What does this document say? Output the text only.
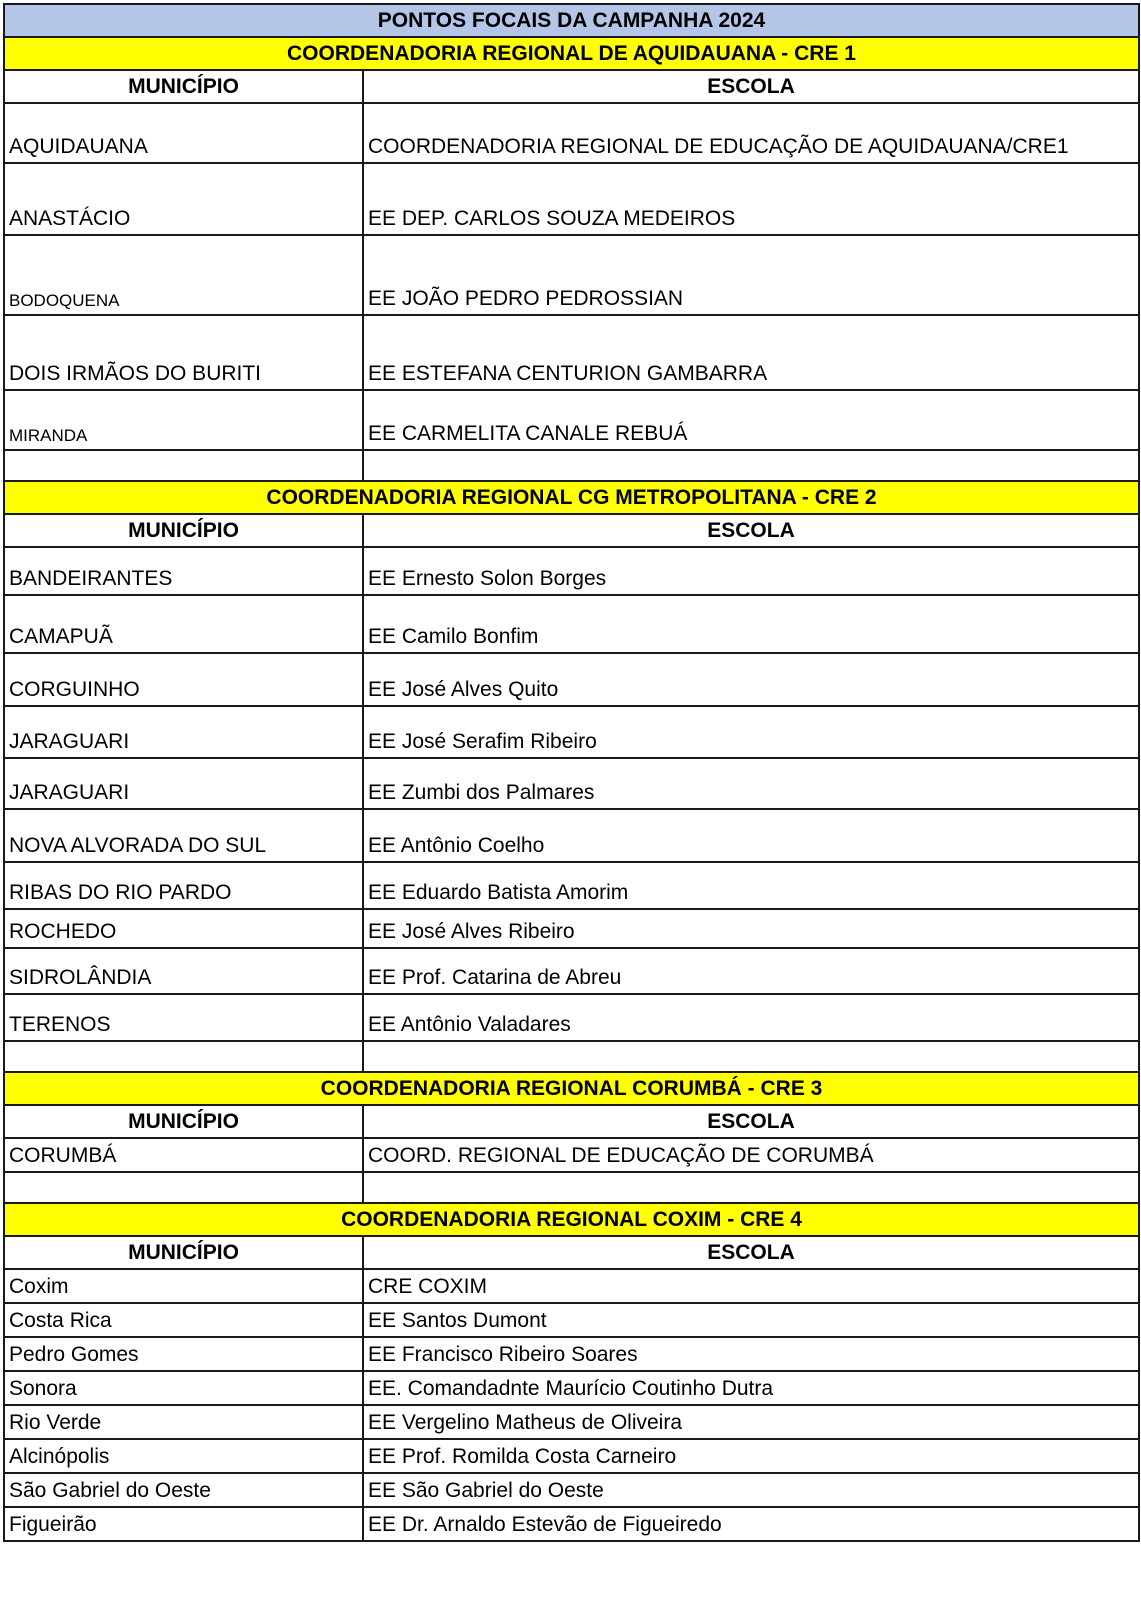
PONTOS FOCAIS DA CAMPANHA 2024	
COORDENADORIA REGIONAL DE AQUIDAUANA - CRE 1	
MUNICÍPIO	ESCOLA
AQUIDAUANA	COORDENADORIA REGIONAL DE EDUCAÇÃO DE AQUIDAUANA/CRE1
ANASTÁCIO	EE DEP. CARLOS SOUZA MEDEIROS
BODOQUENA	EE JOÃO PEDRO PEDROSSIAN
DOIS IRMÃOS DO BURITI	EE ESTEFANA CENTURION GAMBARRA
MIRANDA	EE CARMELITA CANALE REBUÁ

COORDENADORIA REGIONAL CG METROPOLITANA - CRE 2	
MUNICÍPIO	ESCOLA
BANDEIRANTES	EE Ernesto Solon Borges
CAMAPUÃ	EE Camilo Bonfim
CORGUINHO	EE José Alves Quito
JARAGUARI	EE José Serafim Ribeiro
JARAGUARI	EE Zumbi dos Palmares
NOVA ALVORADA DO SUL	EE Antônio Coelho
RIBAS DO RIO PARDO	EE Eduardo Batista Amorim
ROCHEDO	EE José Alves Ribeiro
SIDROLÂNDIA	EE Prof. Catarina de Abreu
TERENOS	EE Antônio Valadares

COORDENADORIA REGIONAL CORUMBÁ - CRE 3	
MUNICÍPIO	ESCOLA
CORUMBÁ	COORD. REGIONAL DE EDUCAÇÃO DE CORUMBÁ

COORDENADORIA REGIONAL COXIM - CRE 4	
MUNICÍPIO	ESCOLA
Coxim	CRE COXIM
Costa Rica	EE Santos Dumont
Pedro Gomes	EE Francisco Ribeiro Soares
Sonora	EE. Comandadnte Maurício Coutinho Dutra
Rio Verde	EE Vergelino Matheus de Oliveira
Alcinópolis	EE Prof. Romilda Costa Carneiro
São Gabriel do Oeste	EE São Gabriel do Oeste
Figueirão	EE Dr. Arnaldo Estevão de Figueiredo
